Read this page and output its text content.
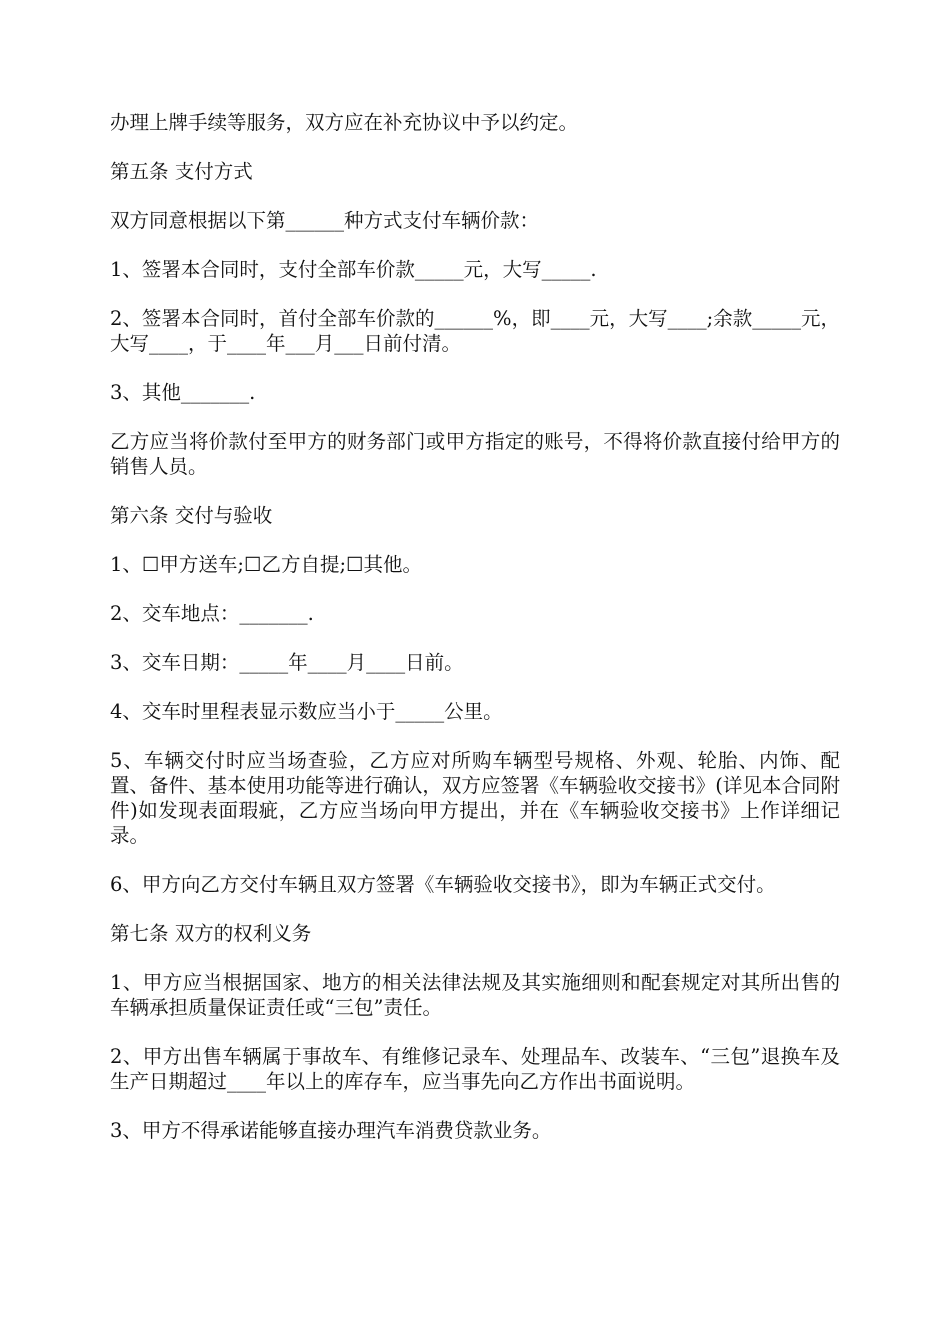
办理上牌手续等服务，双方应在补充协议中予以约定。

第五条 支付方式

双方同意根据以下第______种方式支付车辆价款：

1、签署本合同时，支付全部车价款_____元，大写_____.

2、签署本合同时，首付全部车价款的______%，即____元，大写____;余款_____元，大写____，于____年___月___日前付清。

3、其他_______.

乙方应当将价款付至甲方的财务部门或甲方指定的账号，不得将价款直接付给甲方的销售人员。

第六条 交付与验收

1、☐甲方送车;☐乙方自提;☐其他。

2、交车地点：_______.

3、交车日期：_____年____月____日前。

4、交车时里程表显示数应当小于_____公里。

5、车辆交付时应当场查验，乙方应对所购车辆型号规格、外观、轮胎、内饰、配置、备件、基本使用功能等进行确认，双方应签署《车辆验收交接书》(详见本合同附件)如发现表面瑕疵，乙方应当场向甲方提出，并在《车辆验收交接书》上作详细记录。

6、甲方向乙方交付车辆且双方签署《车辆验收交接书》，即为车辆正式交付。

第七条 双方的权利义务

1、甲方应当根据国家、地方的相关法律法规及其实施细则和配套规定对其所出售的车辆承担质量保证责任或“三包”责任。

2、甲方出售车辆属于事故车、有维修记录车、处理品车、改装车、“三包”退换车及生产日期超过____年以上的库存车，应当事先向乙方作出书面说明。

3、甲方不得承诺能够直接办理汽车消费贷款业务。
